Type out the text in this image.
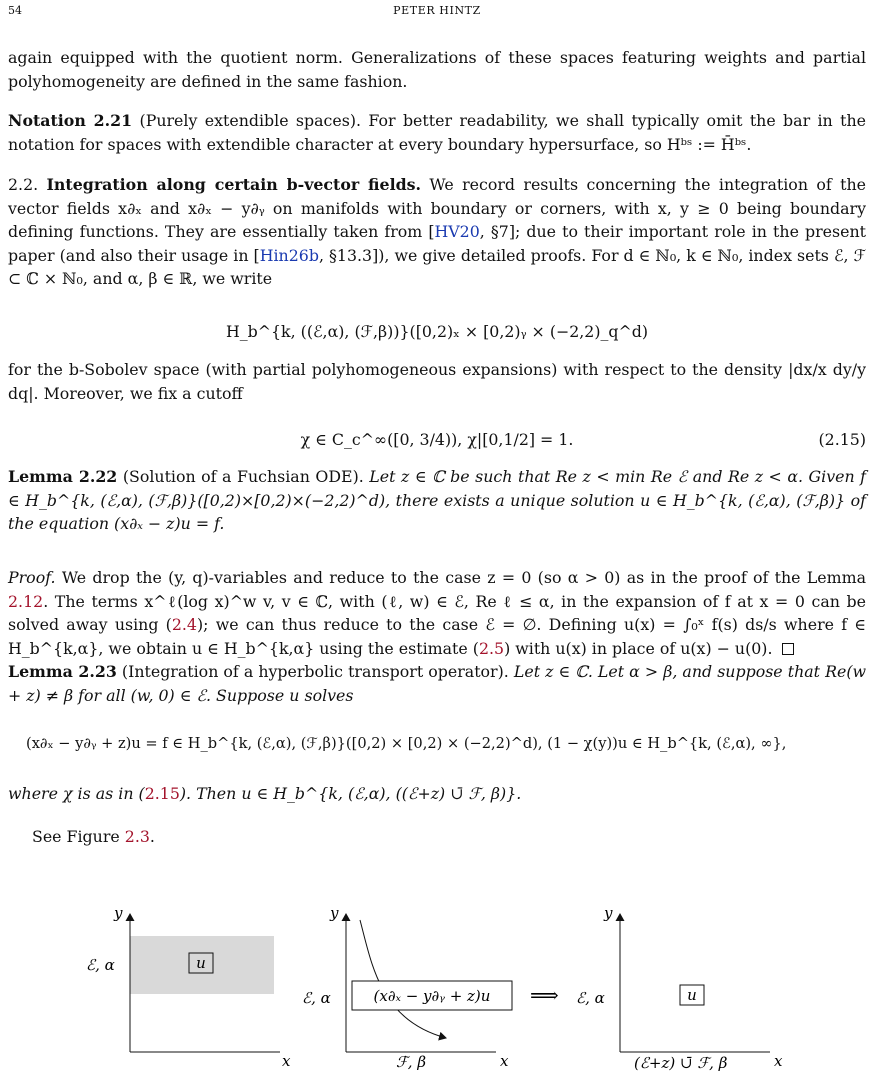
54	PETER HINTZ
again equipped with the quotient norm. Generalizations of these spaces featuring weights and partial polyhomogeneity are defined in the same fashion.
Notation 2.21 (Purely extendible spaces). For better readability, we shall typically omit the bar in the notation for spaces with extendible character at every boundary hypersurface, so Hᵇˢ := H̄ᵇˢ.
2.2. Integration along certain b-vector fields. We record results concerning the integration of the vector fields x∂ₓ and x∂ₓ − y∂ᵧ on manifolds with boundary or corners, with x, y ≥ 0 being boundary defining functions. They are essentially taken from [HV20, §7]; due to their important role in the present paper (and also their usage in [Hin26b, §13.3]), we give detailed proofs. For d ∈ ℕ₀, k ∈ ℕ₀, index sets ℰ, ℱ ⊂ ℂ × ℕ₀, and α, β ∈ ℝ, we write
H_b^{k, ((ℰ,α), (ℱ,β))}([0,2)ₓ × [0,2)ᵧ × (−2,2)_q^d)
for the b-Sobolev space (with partial polyhomogeneous expansions) with respect to the density |dx/x dy/y dq|. Moreover, we fix a cutoff
χ ∈ C_c^∞([0, 3/4)), χ|[0,1/2] = 1.	(2.15)
Lemma 2.22 (Solution of a Fuchsian ODE). Let z ∈ ℂ be such that Re z < min Re ℰ and Re z < α. Given f ∈ H_b^{k, (ℰ,α), (ℱ,β)}([0,2)×[0,2)×(−2,2)^d), there exists a unique solution u ∈ H_b^{k, (ℰ,α), (ℱ,β)} of the equation (x∂ₓ − z)u = f.
Proof. We drop the (y, q)-variables and reduce to the case z = 0 (so α > 0) as in the proof of the Lemma 2.12. The terms x^ℓ(log x)^w v, v ∈ ℂ, with (ℓ, w) ∈ ℰ, Re ℓ ≤ α, in the expansion of f at x = 0 can be solved away using (2.4); we can thus reduce to the case ℰ = ∅. Defining u(x) = ∫₀ˣ f(s) ds/s where f ∈ H_b^{k,α}, we obtain u ∈ H_b^{k,α} using the estimate (2.5) with u(x) in place of u(x) − u(0).
Lemma 2.23 (Integration of a hyperbolic transport operator). Let z ∈ ℂ. Let α > β, and suppose that Re(w + z) ≠ β for all (w, 0) ∈ ℰ. Suppose u solves
(x∂ₓ − y∂ᵧ + z)u = f ∈ H_b^{k, (ℰ,α), (ℱ,β)}([0,2) × [0,2) × (−2,2)^d), (1 − χ(y))u ∈ H_b^{k, (ℰ,α), ∞},
where χ is as in (2.15). Then u ∈ H_b^{k, (ℰ,α), ((ℰ+z) ∪̄ ℱ, β)}.
See Figure 2.3.
y
x
ℰ, α	u
y
x
ℰ, α	(x∂ₓ − y∂ᵧ + z)u
ℱ, β
⟹
y
x
ℰ, α	u
(ℰ+z) ∪̄ ℱ, β
